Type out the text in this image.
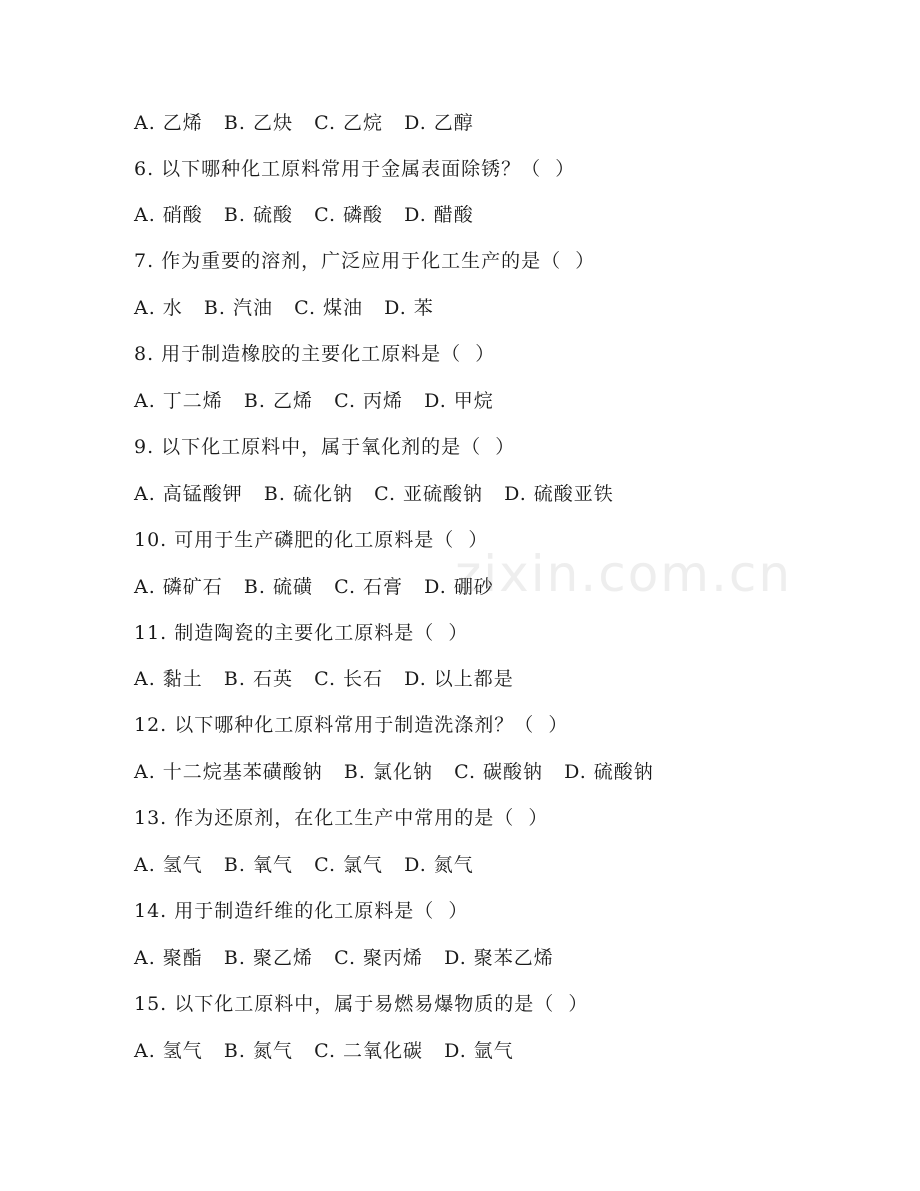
A. 乙烯   B. 乙炔   C. 乙烷   D. 乙醇
6. 以下哪种化工原料常用于金属表面除锈？（  ）
A. 硝酸   B. 硫酸   C. 磷酸   D. 醋酸
7. 作为重要的溶剂，广泛应用于化工生产的是（  ）
A. 水   B. 汽油   C. 煤油   D. 苯
8. 用于制造橡胶的主要化工原料是（  ）
A. 丁二烯   B. 乙烯   C. 丙烯   D. 甲烷
9. 以下化工原料中，属于氧化剂的是（  ）
A. 高锰酸钾   B. 硫化钠   C. 亚硫酸钠   D. 硫酸亚铁
10. 可用于生产磷肥的化工原料是（  ）
A. 磷矿石   B. 硫磺   C. 石膏   D. 硼砂
11. 制造陶瓷的主要化工原料是（  ）
A. 黏土   B. 石英   C. 长石   D. 以上都是
12. 以下哪种化工原料常用于制造洗涤剂？（  ）
A. 十二烷基苯磺酸钠   B. 氯化钠   C. 碳酸钠   D. 硫酸钠
13. 作为还原剂，在化工生产中常用的是（  ）
A. 氢气   B. 氧气   C. 氯气   D. 氮气
14. 用于制造纤维的化工原料是（  ）
A. 聚酯   B. 聚乙烯   C. 聚丙烯   D. 聚苯乙烯
15. 以下化工原料中，属于易燃易爆物质的是（  ）
A. 氢气   B. 氮气   C. 二氧化碳   D. 氩气
zixin.com.cn
